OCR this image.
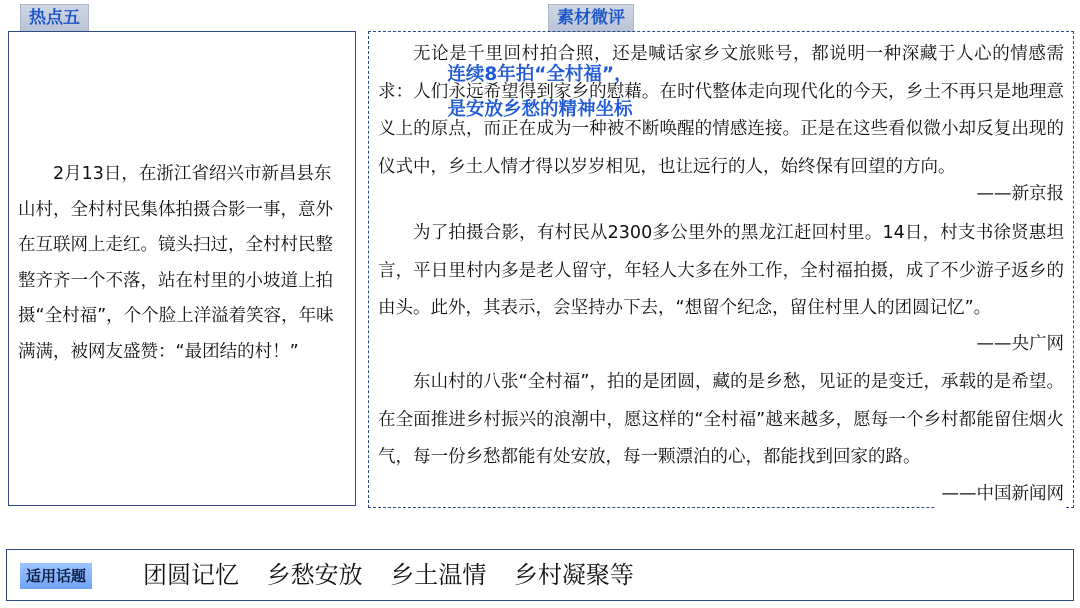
热点五	素材微评
连续8年拍“全村福”，
是安放乡愁的精神坐标

2月13日，在浙江省绍兴市新昌县东山村，全村村民集体拍摄合影一事，意外在互联网上走红。镜头扫过，全村村民整整齐齐一个不落，站在村里的小坡道上拍摄“全村福”，个个脸上洋溢着笑容，年味满满，被网友盛赞：“最团结的村！”

无论是千里回村拍合照，还是喊话家乡文旅账号，都说明一种深藏于人心的情感需求：人们永远希望得到家乡的慰藉。在时代整体走向现代化的今天，乡土不再只是地理意义上的原点，而正在成为一种被不断唤醒的情感连接。正是在这些看似微小却反复出现的仪式中，乡土人情才得以岁岁相见，也让远行的人，始终保有回望的方向。

——新京报

为了拍摄合影，有村民从2300多公里外的黑龙江赶回村里。14日，村支书徐贤惠坦言，平日里村内多是老人留守，年轻人大多在外工作，全村福拍摄，成了不少游子返乡的由头。此外，其表示，会坚持办下去，“想留个纪念，留住村里人的团圆记忆”。

——央广网

东山村的八张“全村福”，拍的是团圆，藏的是乡愁，见证的是变迁，承载的是希望。在全面推进乡村振兴的浪潮中，愿这样的“全村福”越来越多，愿每一个乡村都能留住烟火气，每一份乡愁都能有处安放，每一颗漂泊的心，都能找到回家的路。

——中国新闻网
适用话题 团圆记忆 乡愁安放 乡土温情 乡村凝聚等
